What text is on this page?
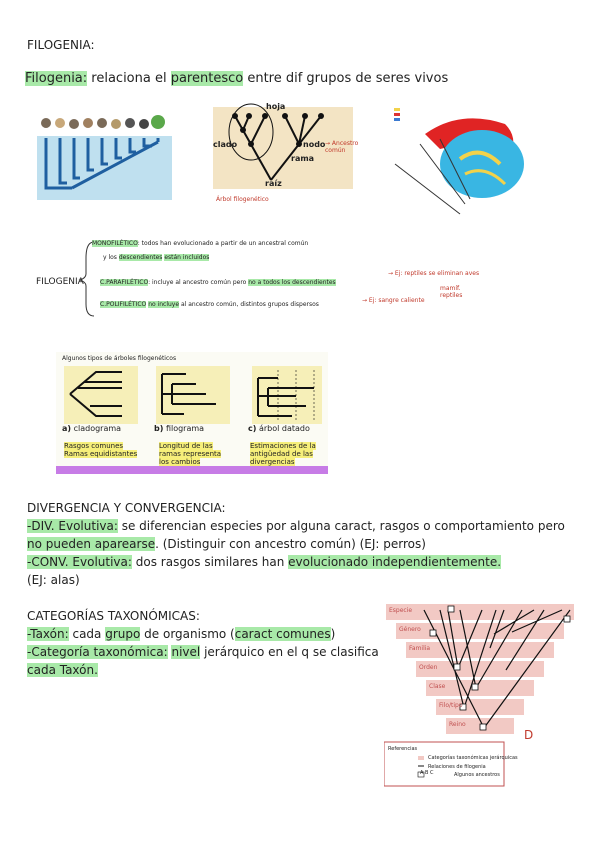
FILOGENIA:
Filogenia: relaciona el parentesco entre dif grupos de seres vivos
hoja
clado	nodo
rama
raíz
→ Ancestro común
Árbol filogenético
FILOGENIA
MONOFILÉTICO: todos han evolucionado a partir de un ancestral común
y los descendientes están incluidos
C.PARAFILÉTICO: incluye al ancestro común pero no a todos los descendientes
→ Ej: reptiles se eliminan aves
C.POLIFILÉTICO no incluye al ancestro común, distintos grupos dispersos
→ Ej: sangre caliente
mamíf. reptiles
Algunos tipos de árboles filogenéticos
a) cladograma
Rasgos comunes
Ramas equidistantes
b) filograma
Longitud de las
ramas representa
los cambios
c) árbol datado
Estimaciones de la
antigüedad de las
divergencias
DIVERGENCIA Y CONVERGENCIA:
-DIV. Evolutiva: se diferencian especies por alguna caract, rasgos o comportamiento pero
no pueden aparearse. (Distinguir con ancestro común) (EJ: perros)
-CONV. Evolutiva: dos rasgos similares han evolucionado independientemente.
(EJ: alas)
CATEGORÍAS TAXONÓMICAS:
-Taxón: cada grupo de organismo (caract comunes)
-Categoría taxonómica: nivel jerárquico en el q se clasifica
cada Taxón.
Especie
Género
Familia
Orden
Clase
Filo/tipo
Reino
Referencias
Categorías taxonómicas jerárquicas
Relaciones de filogenia
A B C	Algunos ancestros
D
